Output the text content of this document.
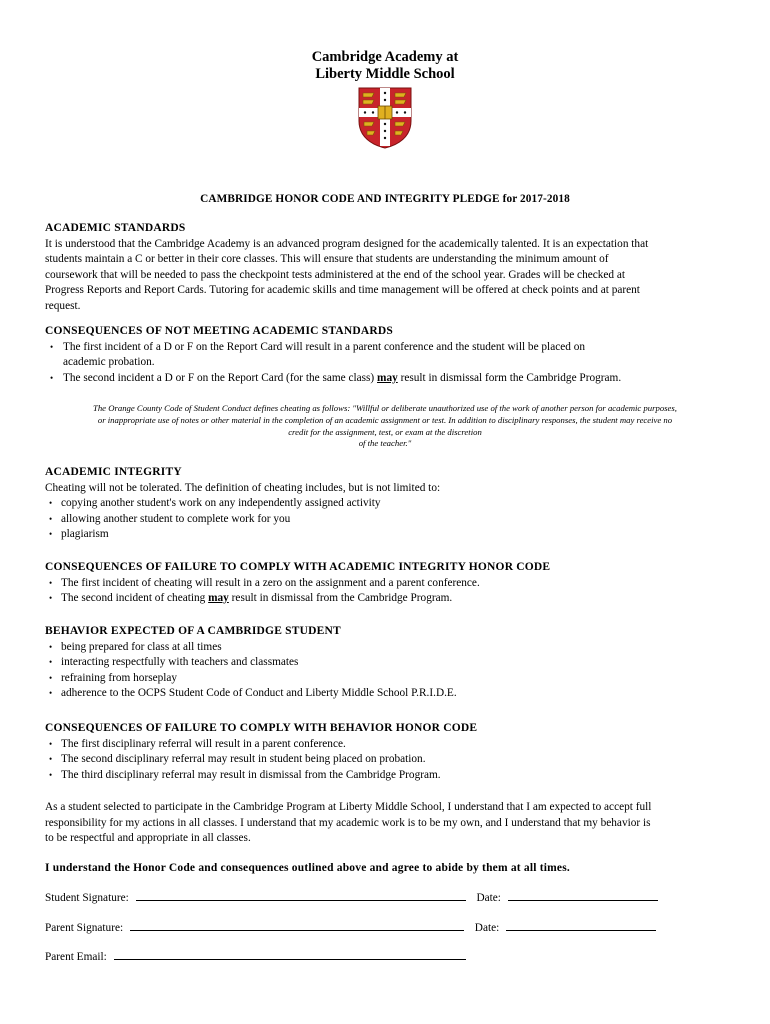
Cambridge Academy at
Liberty Middle School
CAMBRIDGE HONOR CODE AND INTEGRITY PLEDGE for 2017-2018
ACADEMIC STANDARDS
It is understood that the Cambridge Academy is an advanced program designed for the academically talented. It is an expectation that
students maintain a C or better in their core classes. This will ensure that students are understanding the minimum amount of
coursework that will be needed to pass the checkpoint tests administered at the end of the school year. Grades will be checked at
Progress Reports and Report Cards. Tutoring for academic skills and time management will be offered at check points and at parent
request.
CONSEQUENCES OF NOT MEETING ACADEMIC STANDARDS
• The first incident of a D or F on the Report Card will result in a parent conference and the student will be placed on
academic probation.
• The second incident a D or F on the Report Card (for the same class) may result in dismissal form the Cambridge Program.
The Orange County Code of Student Conduct defines cheating as follows: "Willful or deliberate unauthorized use of the work of another person for academic purposes,
or inappropriate use of notes or other material in the completion of an academic assignment or test. In addition to disciplinary responses, the student may receive no
credit for the assignment, test, or exam at the discretion
of the teacher."
ACADEMIC INTEGRITY
Cheating will not be tolerated. The definition of cheating includes, but is not limited to:
• copying another student's work on any independently assigned activity
• allowing another student to complete work for you
• plagiarism
CONSEQUENCES OF FAILURE TO COMPLY WITH ACADEMIC INTEGRITY HONOR CODE
• The first incident of cheating will result in a zero on the assignment and a parent conference.
• The second incident of cheating may result in dismissal from the Cambridge Program.
BEHAVIOR EXPECTED OF A CAMBRIDGE STUDENT
• being prepared for class at all times
• interacting respectfully with teachers and classmates
• refraining from horseplay
• adherence to the OCPS Student Code of Conduct and Liberty Middle School P.R.I.D.E.
CONSEQUENCES OF FAILURE TO COMPLY WITH BEHAVIOR HONOR CODE
• The first disciplinary referral will result in a parent conference.
• The second disciplinary referral may result in student being placed on probation.
• The third disciplinary referral may result in dismissal from the Cambridge Program.
As a student selected to participate in the Cambridge Program at Liberty Middle School, I understand that I am expected to accept full
responsibility for my actions in all classes. I understand that my academic work is to be my own, and I understand that my behavior is
to be respectful and appropriate in all classes.
I understand the Honor Code and consequences outlined above and agree to abide by them at all times.
Student Signature:	Date:
Parent Signature:	Date:
Parent Email:
